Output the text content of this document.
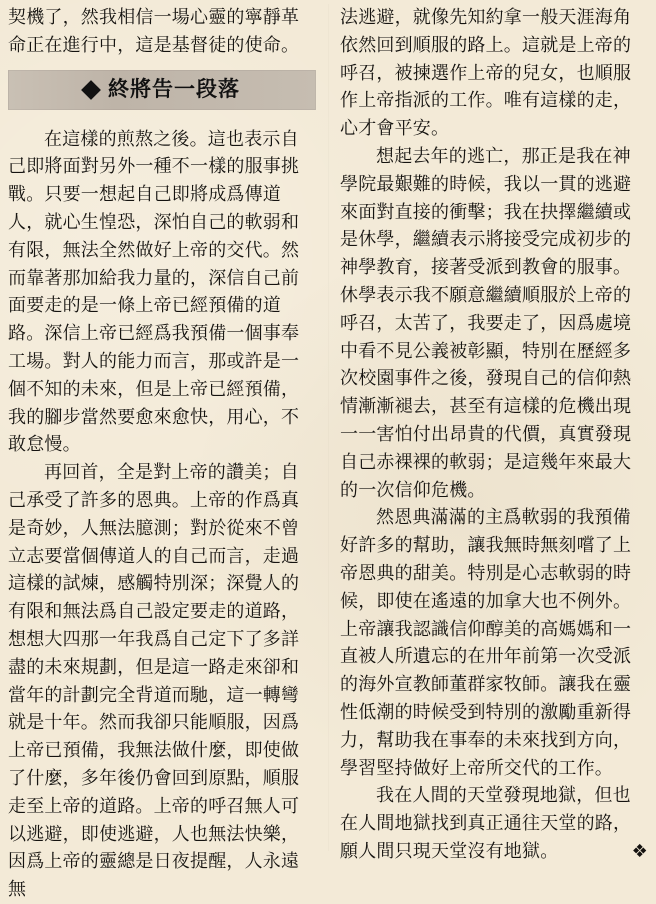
契機了，然我相信一場心靈的寧靜革命正在進行中，這是基督徒的使命。

終將告一段落

在這樣的煎熬之後。這也表示自己即將面對另外一種不一樣的服事挑戰。只要一想起自己即將成爲傳道人，就心生惶恐，深怕自己的軟弱和有限，無法全然做好上帝的交代。然而靠著那加給我力量的，深信自己前面要走的是一條上帝已經預備的道路。深信上帝已經爲我預備一個事奉工場。對人的能力而言，那或許是一個不知的未來，但是上帝已經預備，我的腳步當然要愈來愈快，用心，不敢怠慢。

再回首，全是對上帝的讚美；自己承受了許多的恩典。上帝的作爲真是奇妙，人無法臆測；對於從來不曾立志要當個傳道人的自己而言，走過這樣的試煉，感觸特別深；深覺人的有限和無法爲自己設定要走的道路，想想大四那一年我爲自己定下了多詳盡的未來規劃，但是這一路走來卻和當年的計劃完全背道而馳，這一轉彎就是十年。然而我卻只能順服，因爲上帝已預備，我無法做什麼，即使做了什麼，多年後仍會回到原點，順服走至上帝的道路。上帝的呼召無人可以逃避，即使逃避，人也無法快樂，因爲上帝的靈總是日夜提醒，人永遠無

法逃避，就像先知約拿一般天涯海角依然回到順服的路上。這就是上帝的呼召，被揀選作上帝的兒女，也順服作上帝指派的工作。唯有這樣的走，心才會平安。

想起去年的逃亡，那正是我在神學院最艱難的時候，我以一貫的逃避來面對直接的衝擊；我在抉擇繼續或是休學，繼續表示將接受完成初步的神學教育，接著受派到教會的服事。休學表示我不願意繼續順服於上帝的呼召，太苦了，我要走了，因爲處境中看不見公義被彰顯，特別在歷經多次校園事件之後，發現自己的信仰熱情漸漸褪去，甚至有這樣的危機出現一一害怕付出昂貴的代價，真實發現自己赤裸裸的軟弱；是這幾年來最大的一次信仰危機。

然恩典滿滿的主爲軟弱的我預備好許多的幫助，讓我無時無刻嚐了上帝恩典的甜美。特別是心志軟弱的時候，即使在遙遠的加拿大也不例外。上帝讓我認識信仰醇美的高媽媽和一直被人所遺忘的在卅年前第一次受派的海外宣教師董群家牧師。讓我在靈性低潮的時候受到特別的激勵重新得力，幫助我在事奉的未來找到方向，學習堅持做好上帝所交代的工作。

我在人間的天堂發現地獄，但也在人間地獄找到真正通往天堂的路，願人間只現天堂沒有地獄。	❖
